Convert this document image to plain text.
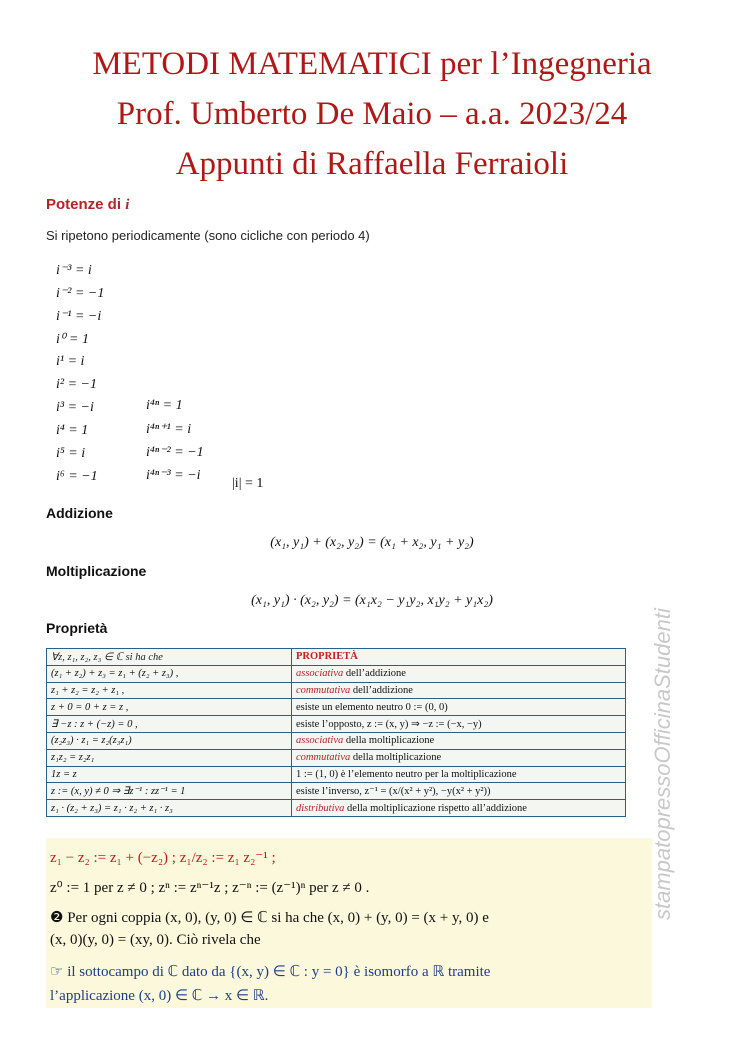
METODI MATEMATICI per l’Ingegneria
Prof. Umberto De Maio – a.a. 2023/24
Appunti di Raffaella Ferraioli
Potenze di i
Si ripetono periodicamente (sono cicliche con periodo 4)
i⁻³ = i
i⁻² = −1
i⁻¹ = −i
i⁰ = 1
i¹ = i
i² = −1
i³ = −i
i⁴ = 1
i⁵ = i
i⁶ = −1
i⁴ⁿ = 1
i⁴ⁿ⁺¹ = i
i⁴ⁿ⁻² = −1
i⁴ⁿ⁻³ = −i
|i| = 1
Addizione
(x₁, y₁) + (x₂, y₂) = (x₁ + x₂, y₁ + y₂)
Moltiplicazione
(x₁, y₁) · (x₂, y₂) = (x₁x₂ − y₁y₂, x₁y₂ + y₁x₂)
Proprietà
∀z, z₁, z₂, z₃ ∈ ℂ si ha che	PROPRIETÀ
(z₁ + z₂) + z₃ = z₁ + (z₂ + z₃) ,	associativa dell’addizione
z₁ + z₂ = z₂ + z₁ ,	commutativa dell’addizione
z + 0 = 0 + z = z ,	esiste un elemento neutro 0 := (0, 0)
∃ −z : z + (−z) = 0 ,	esiste l’opposto, z := (x, y) ⇒ −z := (−x, −y)
(z₂z₃) · z₁ = z₂(z₃z₁)	associativa della moltiplicazione
z₁z₂ = z₂z₁	commutativa della moltiplicazione
1z = z	1 := (1, 0) è l’elemento neutro per la moltiplicazione
z := (x, y) ≠ 0 ⇒ ∃z⁻¹ : zz⁻¹ = 1	esiste l’inverso, z⁻¹ = (x/(x² + y²), −y(x² + y²))
z₁ · (z₂ + z₃) = z₁ · z₂ + z₁ · z₃	distributiva della moltiplicazione rispetto all’addizione
z₁ − z₂ := z₁ + (−z₂) ; z₁/z₂ := z₁ z₂⁻¹ ;
z⁰ := 1 per z ≠ 0 ; zⁿ := zⁿ⁻¹z ; z⁻ⁿ := (z⁻¹)ⁿ per z ≠ 0 .
❷ Per ogni coppia (x, 0), (y, 0) ∈ ℂ si ha che (x, 0) + (y, 0) = (x + y, 0) e
(x, 0)(y, 0) = (xy, 0). Ciò rivela che
☞ il sottocampo di ℂ dato da {(x, y) ∈ ℂ : y = 0} è isomorfo a ℝ tramite
l’applicazione (x, 0) ∈ ℂ → x ∈ ℝ.
stampatopressoOfficinaStudenti
